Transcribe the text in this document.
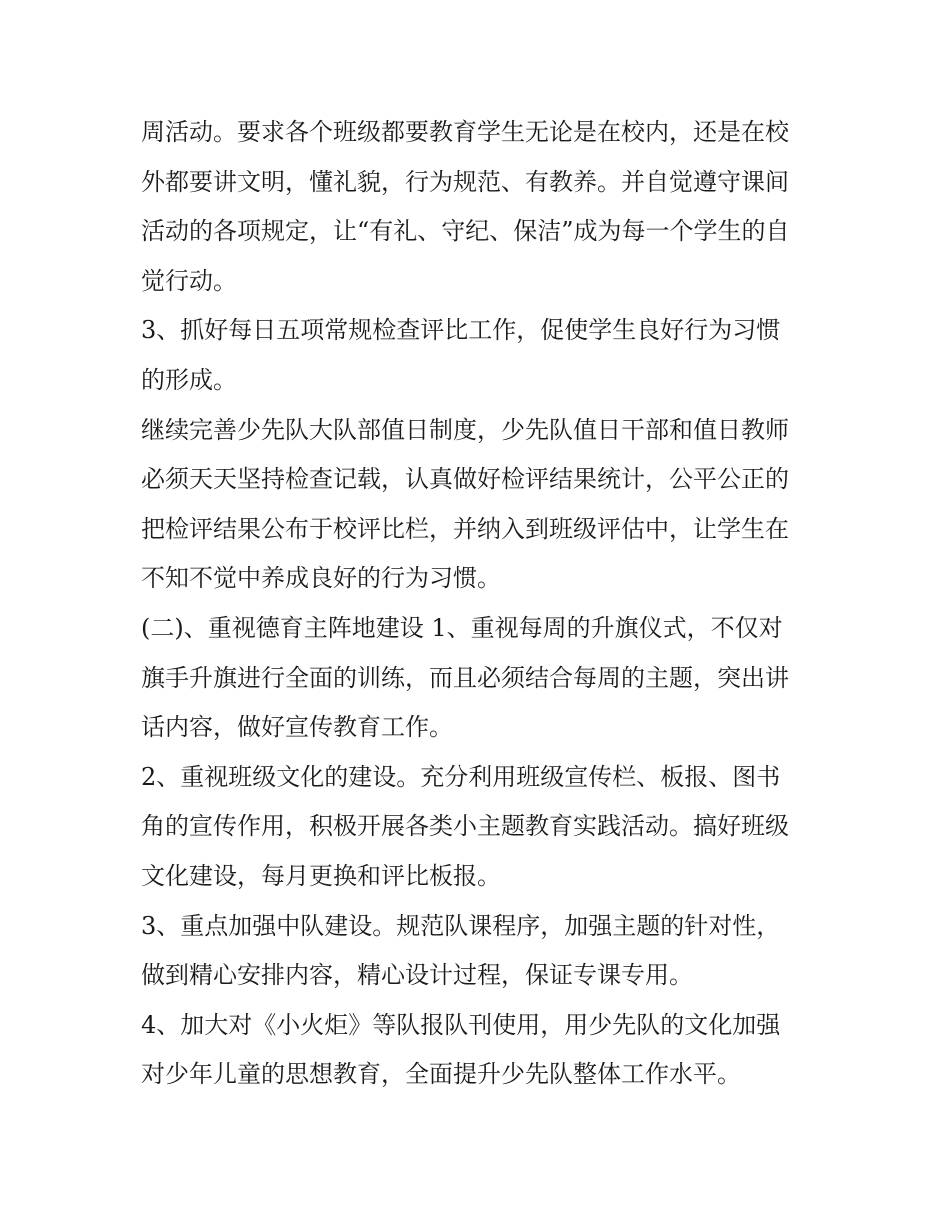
周活动。要求各个班级都要教育学生无论是在校内，还是在校
外都要讲文明，懂礼貌，行为规范、有教养。并自觉遵守课间
活动的各项规定，让“有礼、守纪、保洁”成为每一个学生的自
觉行动。

3、抓好每日五项常规检查评比工作，促使学生良好行为习惯
的形成。

继续完善少先队大队部值日制度，少先队值日干部和值日教师
必须天天坚持检查记载，认真做好检评结果统计，公平公正的
把检评结果公布于校评比栏，并纳入到班级评估中，让学生在
不知不觉中养成良好的行为习惯。

(二)、重视德育主阵地建设 1、重视每周的升旗仪式，不仅对
旗手升旗进行全面的训练，而且必须结合每周的主题，突出讲
话内容，做好宣传教育工作。

2、重视班级文化的建设。充分利用班级宣传栏、板报、图书
角的宣传作用，积极开展各类小主题教育实践活动。搞好班级
文化建设，每月更换和评比板报。

3、重点加强中队建设。规范队课程序，加强主题的针对性，
做到精心安排内容，精心设计过程，保证专课专用。

4、加大对《小火炬》等队报队刊使用，用少先队的文化加强
对少年儿童的思想教育，全面提升少先队整体工作水平。
